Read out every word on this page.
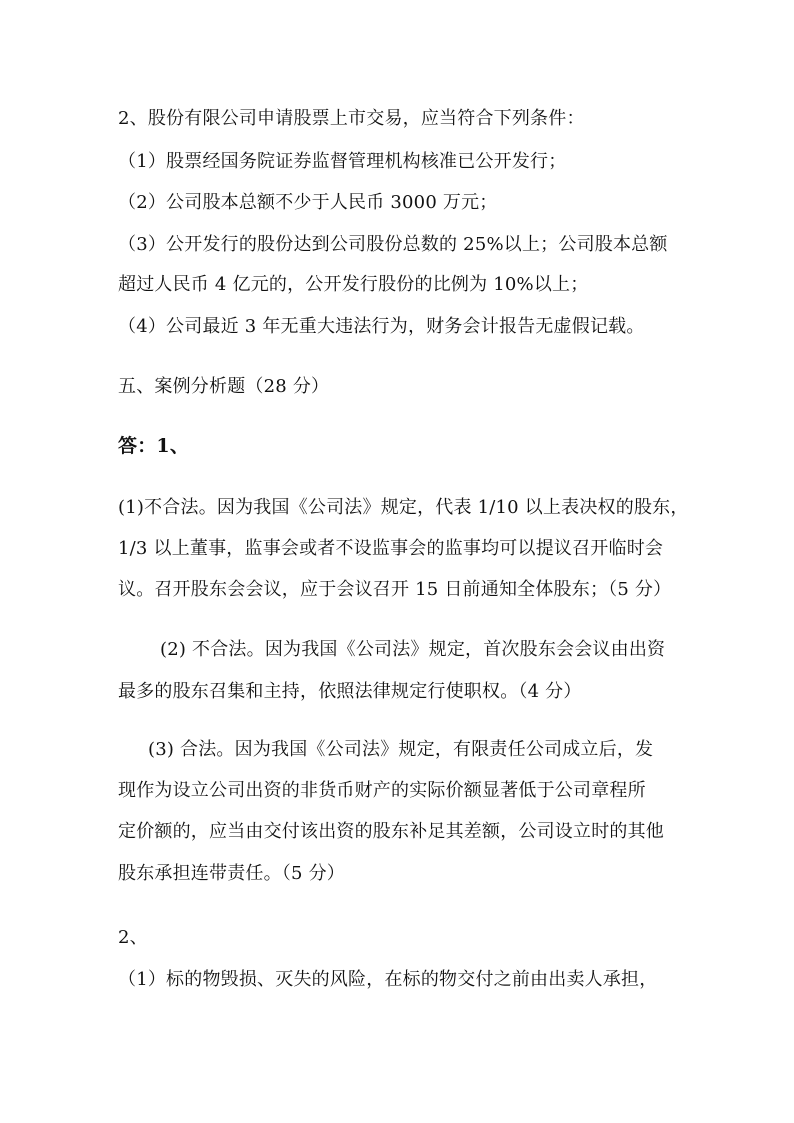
2、股份有限公司申请股票上市交易，应当符合下列条件：
（1）股票经国务院证券监督管理机构核准已公开发行；
（2）公司股本总额不少于人民币 3000 万元；
（3）公开发行的股份达到公司股份总数的 25%以上；公司股本总额
超过人民币 4 亿元的，公开发行股份的比例为 10%以上；
（4）公司最近 3 年无重大违法行为，财务会计报告无虚假记载。
五、案例分析题（28 分）
答：1、
(1)不合法。因为我国《公司法》规定，代表 1/10 以上表决权的股东，
1/3 以上董事，监事会或者不设监事会的监事均可以提议召开临时会
议。召开股东会会议，应于会议召开 15 日前通知全体股东；（5 分）
(2) 不合法。因为我国《公司法》规定，首次股东会会议由出资
最多的股东召集和主持，依照法律规定行使职权。（4 分）
(3) 合法。因为我国《公司法》规定，有限责任公司成立后，发
现作为设立公司出资的非货币财产的实际价额显著低于公司章程所
定价额的，应当由交付该出资的股东补足其差额，公司设立时的其他
股东承担连带责任。（5 分）
2、
（1）标的物毁损、灭失的风险，在标的物交付之前由出卖人承担，
